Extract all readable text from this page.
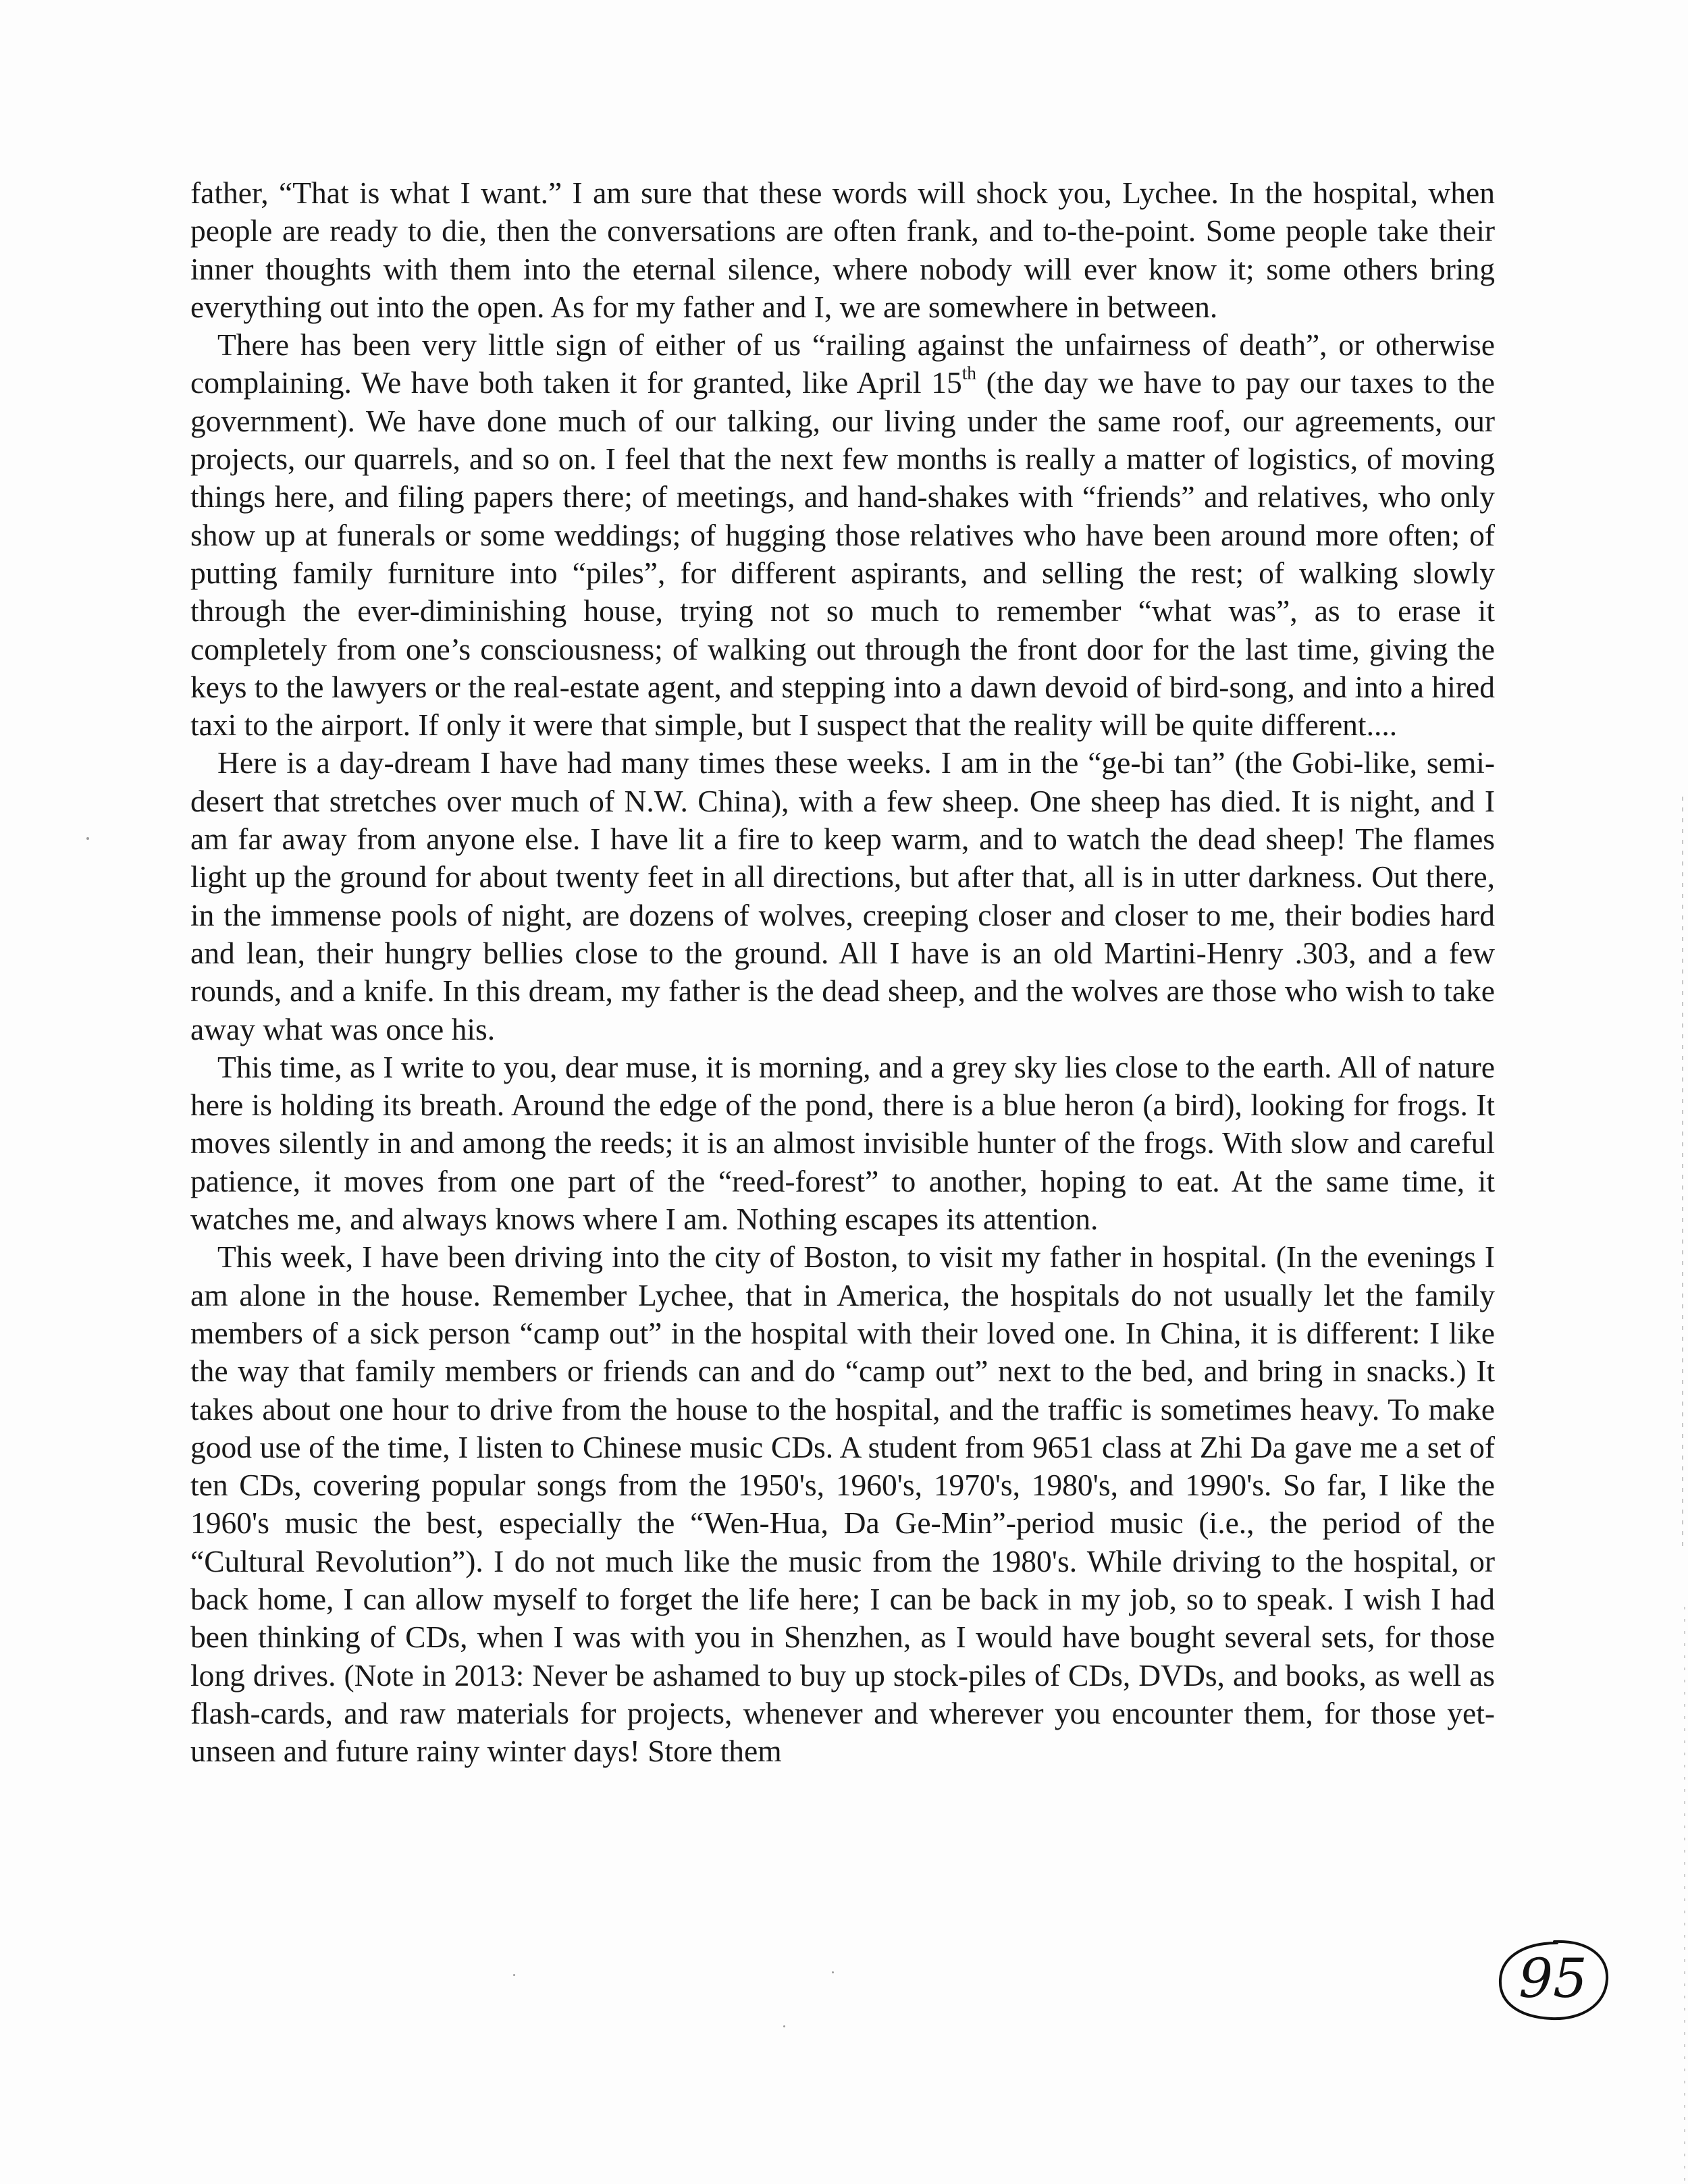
father, “That is what I want.” I am sure that these words will shock you, Lychee. In the hospital, when people are ready to die, then the conversations are often frank, and to-the-point. Some people take their inner thoughts with them into the eternal silence, where nobody will ever know it; some others bring everything out into the open. As for my father and I, we are somewhere in between.

There has been very little sign of either of us “railing against the unfairness of death”, or otherwise complaining. We have both taken it for granted, like April 15th (the day we have to pay our taxes to the government). We have done much of our talking, our living under the same roof, our agreements, our projects, our quarrels, and so on. I feel that the next few months is really a matter of logistics, of moving things here, and filing papers there; of meetings, and hand-shakes with “friends” and relatives, who only show up at funerals or some weddings; of hugging those relatives who have been around more often; of putting family furniture into “piles”, for different aspirants, and selling the rest; of walking slowly through the ever-diminishing house, trying not so much to remember “what was”, as to erase it completely from one’s consciousness; of walking out through the front door for the last time, giving the keys to the lawyers or the real-estate agent, and stepping into a dawn devoid of bird-song, and into a hired taxi to the airport. If only it were that simple, but I suspect that the reality will be quite different....

Here is a day-dream I have had many times these weeks. I am in the “ge-bi tan” (the Gobi-like, semi-desert that stretches over much of N.W. China), with a few sheep. One sheep has died. It is night, and I am far away from anyone else. I have lit a fire to keep warm, and to watch the dead sheep! The flames light up the ground for about twenty feet in all directions, but after that, all is in utter darkness. Out there, in the immense pools of night, are dozens of wolves, creeping closer and closer to me, their bodies hard and lean, their hungry bellies close to the ground. All I have is an old Martini-Henry .303, and a few rounds, and a knife. In this dream, my father is the dead sheep, and the wolves are those who wish to take away what was once his.

This time, as I write to you, dear muse, it is morning, and a grey sky lies close to the earth. All of nature here is holding its breath. Around the edge of the pond, there is a blue heron (a bird), looking for frogs. It moves silently in and among the reeds; it is an almost invisible hunter of the frogs. With slow and careful patience, it moves from one part of the “reed-forest” to another, hoping to eat. At the same time, it watches me, and always knows where I am. Nothing escapes its attention.

This week, I have been driving into the city of Boston, to visit my father in hospital. (In the evenings I am alone in the house. Remember Lychee, that in America, the hospitals do not usually let the family members of a sick person “camp out” in the hospital with their loved one. In China, it is different: I like the way that family members or friends can and do “camp out” next to the bed, and bring in snacks.) It takes about one hour to drive from the house to the hospital, and the traffic is sometimes heavy. To make good use of the time, I listen to Chinese music CDs. A student from 9651 class at Zhi Da gave me a set of ten CDs, covering popular songs from the 1950's, 1960's, 1970's, 1980's, and 1990's. So far, I like the 1960's music the best, especially the “Wen-Hua, Da Ge-Min”-period music (i.e., the period of the “Cultural Revolution”). I do not much like the music from the 1980's. While driving to the hospital, or back home, I can allow myself to forget the life here; I can be back in my job, so to speak. I wish I had been thinking of CDs, when I was with you in Shenzhen, as I would have bought several sets, for those long drives. (Note in 2013: Never be ashamed to buy up stock-piles of CDs, DVDs, and books, as well as flash-cards, and raw materials for projects, whenever and wherever you encounter them, for those yet-unseen and future rainy winter days! Store them

95
